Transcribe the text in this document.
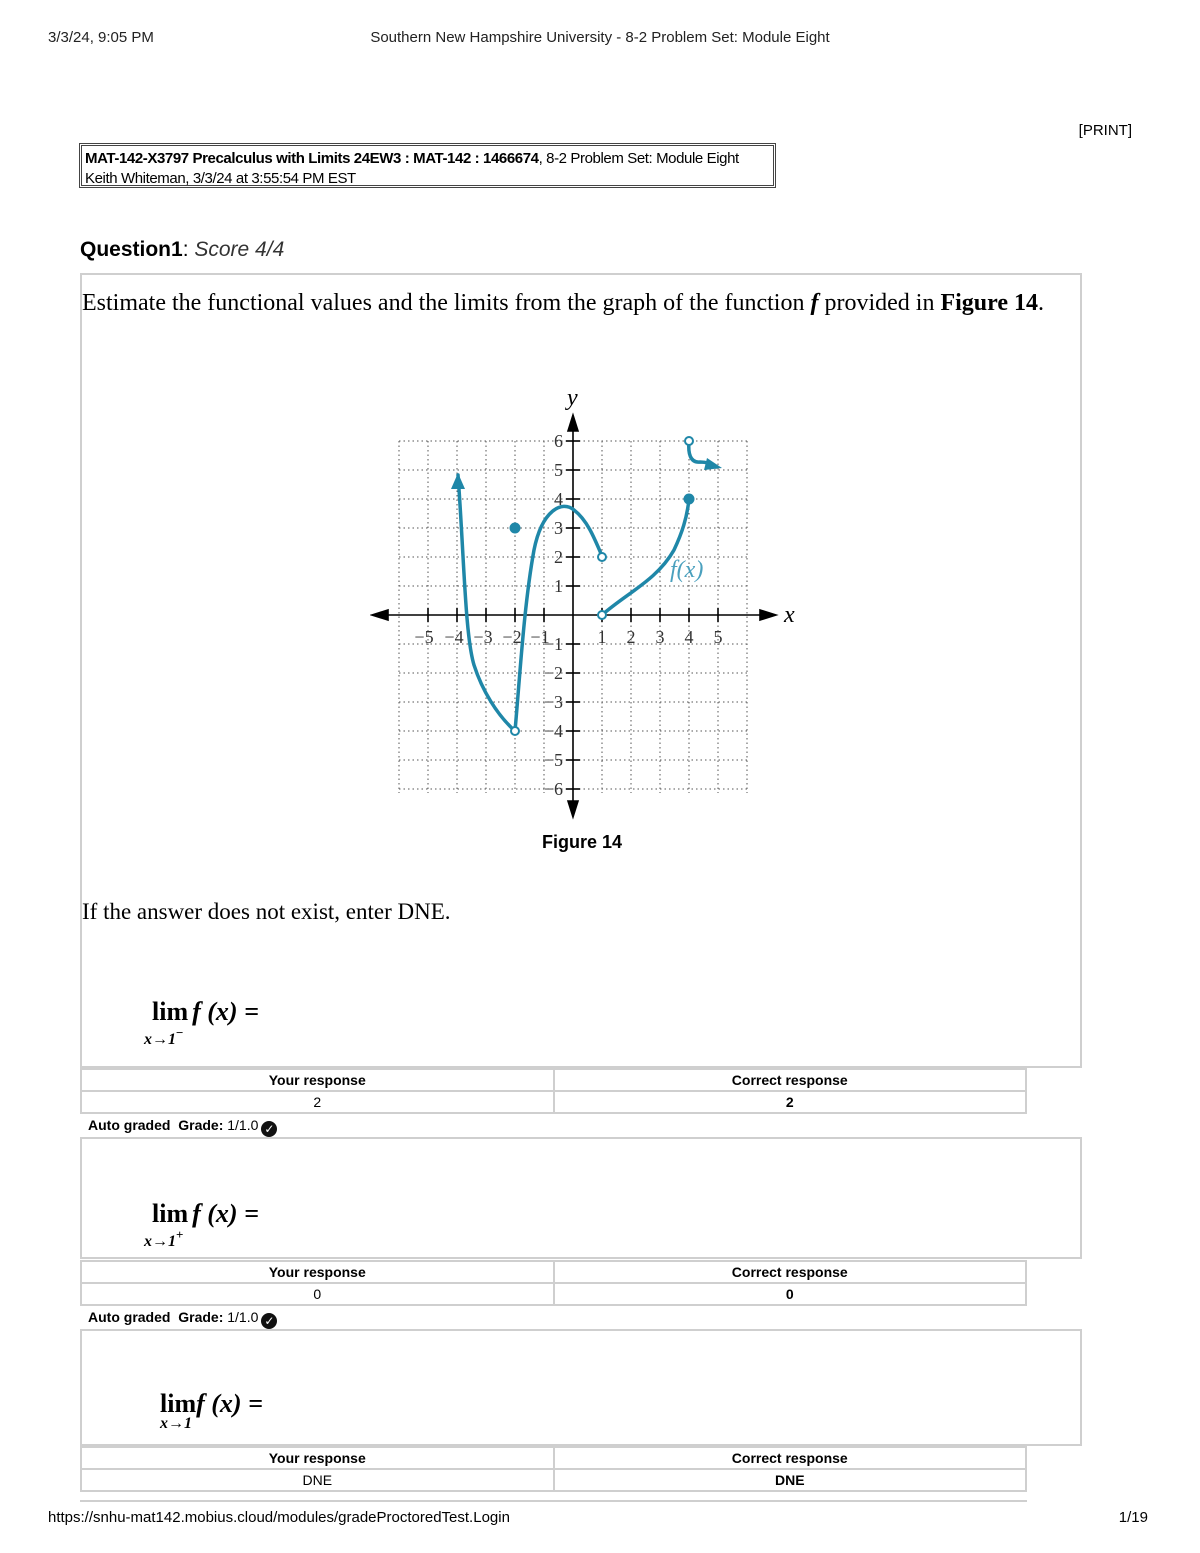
3/3/24, 9:05 PM	Southern New Hampshire University - 8-2 Problem Set: Module Eight
[PRINT]
MAT-142-X3797 Precalculus with Limits 24EW3 : MAT-142 : 1466674, 8-2 Problem Set: Module Eight
Keith Whiteman, 3/3/24 at 3:55:54 PM EST
Question1: Score 4/4
Estimate the functional values and the limits from the graph of the function f provided in Figure 14.
x
y
−5 −4 −3 −2 −1	1 2 3 4 5
6
5
4
3
2
1
−1
−2
−3
−4
−5
−6
f(x)
Figure 14
If the answer does not exist, enter DNE.
lim f (x) =
x→1−
Your response	Correct response
2	2
Auto graded Grade: 1/1.0 ✓
lim f (x) =
x→1+
Your response	Correct response
0	0
Auto graded Grade: 1/1.0 ✓
limf (x) =
x→1
Your response	Correct response
DNE	DNE
https://snhu-mat142.mobius.cloud/modules/gradeProctoredTest.Login	1/19
